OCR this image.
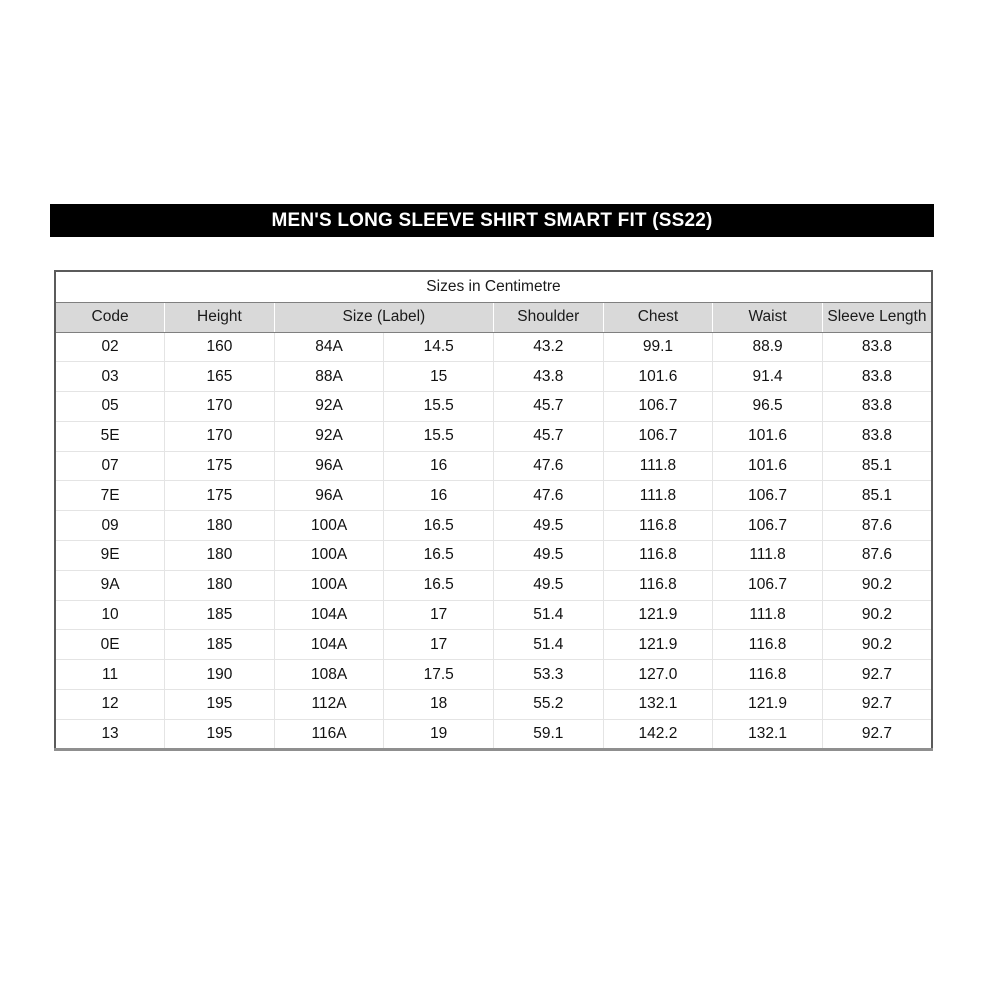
MEN'S LONG SLEEVE SHIRT SMART FIT (SS22)
Sizes in Centimetre							
Code	Height	Size (Label)		Shoulder	Chest	Waist	Sleeve Length
02	160	84A	14.5	43.2	99.1	88.9	83.8
03	165	88A	15	43.8	101.6	91.4	83.8
05	170	92A	15.5	45.7	106.7	96.5	83.8
5E	170	92A	15.5	45.7	106.7	101.6	83.8
07	175	96A	16	47.6	111.8	101.6	85.1
7E	175	96A	16	47.6	111.8	106.7	85.1
09	180	100A	16.5	49.5	116.8	106.7	87.6
9E	180	100A	16.5	49.5	116.8	111.8	87.6
9A	180	100A	16.5	49.5	116.8	106.7	90.2
10	185	104A	17	51.4	121.9	111.8	90.2
0E	185	104A	17	51.4	121.9	116.8	90.2
11	190	108A	17.5	53.3	127.0	116.8	92.7
12	195	112A	18	55.2	132.1	121.9	92.7
13	195	116A	19	59.1	142.2	132.1	92.7
